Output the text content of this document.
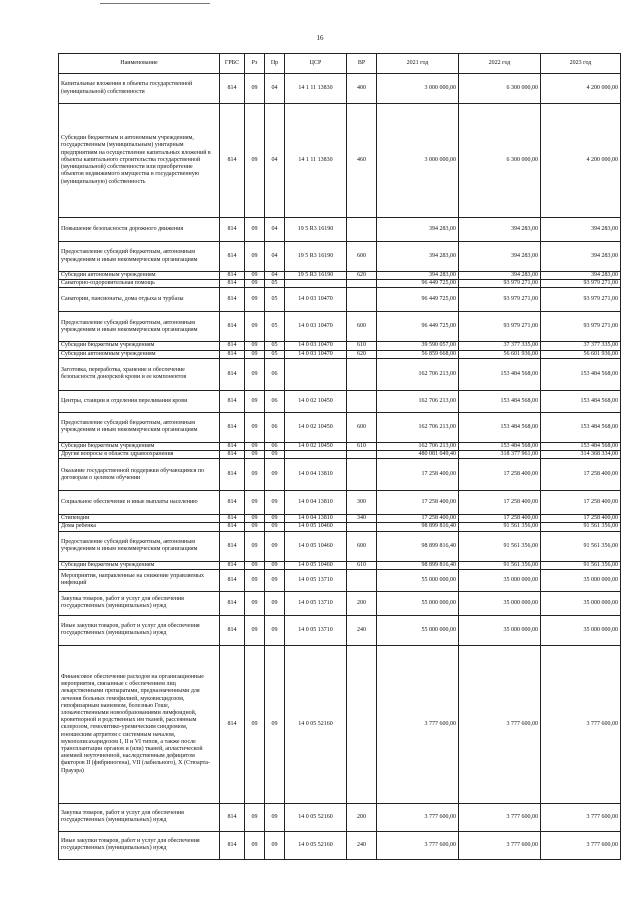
16
Наименование	ГРБС	Рз	Пр	ЦСР	ВР	2021 год	2022 год	2023 год
Капитальные вложения в объекты государственной (муниципальной) собственности	814	09	04	14 1 11 13830	400	3 000 000,00	6 300 000,00	4 200 000,00
Субсидии бюджетным и автономным учреждениям, государственным (муниципальным) унитарным предприятиям на осуществление капитальных вложений в объекты капитального строительства государственной (муниципальной) собственности или приобретение объектов недвижимого имущества в государственную (муниципальную) собственность	814	09	04	14 1 11 13830	460	3 000 000,00	6 300 000,00	4 200 000,00
Повышение безопасности дорожного движения	814	09	04	19 5 R3 16190		394 283,00	394 283,00	394 283,00
Предоставление субсидий бюджетным, автономным учреждениям и иным некоммерческим организациям	814	09	04	19 5 R3 16190	600	394 283,00	394 283,00	394 283,00
Субсидии автономным учреждениям	814	09	04	19 5 R3 16190	620	394 283,00	394 283,00	394 283,00
Санаторно-оздоровительная помощь	814	09	05			96 449 725,00	93 979 271,00	93 979 271,00
Санатории, пансионаты, дома отдыха и турбазы	814	09	05	14 0 03 10470		96 449 725,00	93 979 271,00	93 979 271,00
Предоставление субсидий бюджетным, автономным учреждениям и иным некоммерческим организациям	814	09	05	14 0 03 10470	600	96 449 725,00	93 979 271,00	93 979 271,00
Субсидии бюджетным учреждениям	814	09	05	14 0 03 10470	610	39 590 057,00	37 377 335,00	37 377 335,00
Субсидии автономным учреждениям	814	09	05	14 0 03 10470	620	56 859 668,00	56 601 936,00	56 601 936,00
Заготовка, переработка, хранение и обеспечение безопасности донорской крови и ее компонентов	814	09	06			162 706 213,00	153 484 568,00	153 484 568,00
Центры, станции и отделения переливания крови	814	09	06	14 0 02 10450		162 706 213,00	153 484 568,00	153 484 568,00
Предоставление субсидий бюджетным, автономным учреждениям и иным некоммерческим организациям	814	09	06	14 0 02 10450	600	162 706 213,00	153 484 568,00	153 484 568,00
Субсидии бюджетным учреждениям	814	09	06	14 0 02 10450	610	162 706 213,00	153 484 568,00	153 484 568,00
Другие вопросы в области здравоохранения	814	09	09			480 081 049,40	318 377 961,00	314 368 334,00
Оказание государственной поддержки обучающимся по договорам о целевом обучении	814	09	09	14 0 04 13810		17 258 400,00	17 258 400,00	17 258 400,00
Социальное обеспечение и иные выплаты населению	814	09	09	14 0 04 13810	300	17 258 400,00	17 258 400,00	17 258 400,00
Стипендии	814	09	09	14 0 04 13810	340	17 258 400,00	17 258 400,00	17 258 400,00
Дома ребенка	814	09	09	14 0 05 10460		98 899 816,40	91 561 356,00	91 561 356,00
Предоставление субсидий бюджетным, автономным учреждениям и иным некоммерческим организациям	814	09	09	14 0 05 10460	600	98 899 816,40	91 561 356,00	91 561 356,00
Субсидии бюджетным учреждениям	814	09	09	14 0 05 10460	610	98 899 816,40	91 561 356,00	91 561 356,00
Мероприятия, направленные на снижение управляемых инфекций	814	09	09	14 0 05 13710		55 000 000,00	35 000 000,00	35 000 000,00
Закупка товаров, работ и услуг для обеспечения государственных (муниципальных) нужд	814	09	09	14 0 05 13710	200	55 000 000,00	35 000 000,00	35 000 000,00
Иные закупки товаров, работ и услуг для обеспечения государственных (муниципальных) нужд	814	09	09	14 0 05 13710	240	55 000 000,00	35 000 000,00	35 000 000,00
Финансовое обеспечение расходов на организационные мероприятия, связанные с обеспечением лиц лекарственными препаратами, предназначенными для лечения больных гемофилией, муковисцидозом, гипофизарным нанизмом, болезнью Гоше, злокачественными новообразованиями лимфоидной, кроветворной и родственных им тканей, рассеянным склерозом, гемолитико-уремическим синдромом, юношеским артритом с системным началом, мукополисахаридозом I, II и VI типов, а также после трансплантации органов и (или) тканей, апластической анемией неуточненной, наследственным дефицитом факторов II (фибриногена), VII (лабильного), X (Стюарта-Прауэра)	814	09	09	14 0 05 52160		3 777 600,00	3 777 600,00	3 777 600,00
Закупка товаров, работ и услуг для обеспечения государственных (муниципальных) нужд	814	09	09	14 0 05 52160	200	3 777 600,00	3 777 600,00	3 777 600,00
Иные закупки товаров, работ и услуг для обеспечения государственных (муниципальных) нужд	814	09	09	14 0 05 52160	240	3 777 600,00	3 777 600,00	3 777 600,00
